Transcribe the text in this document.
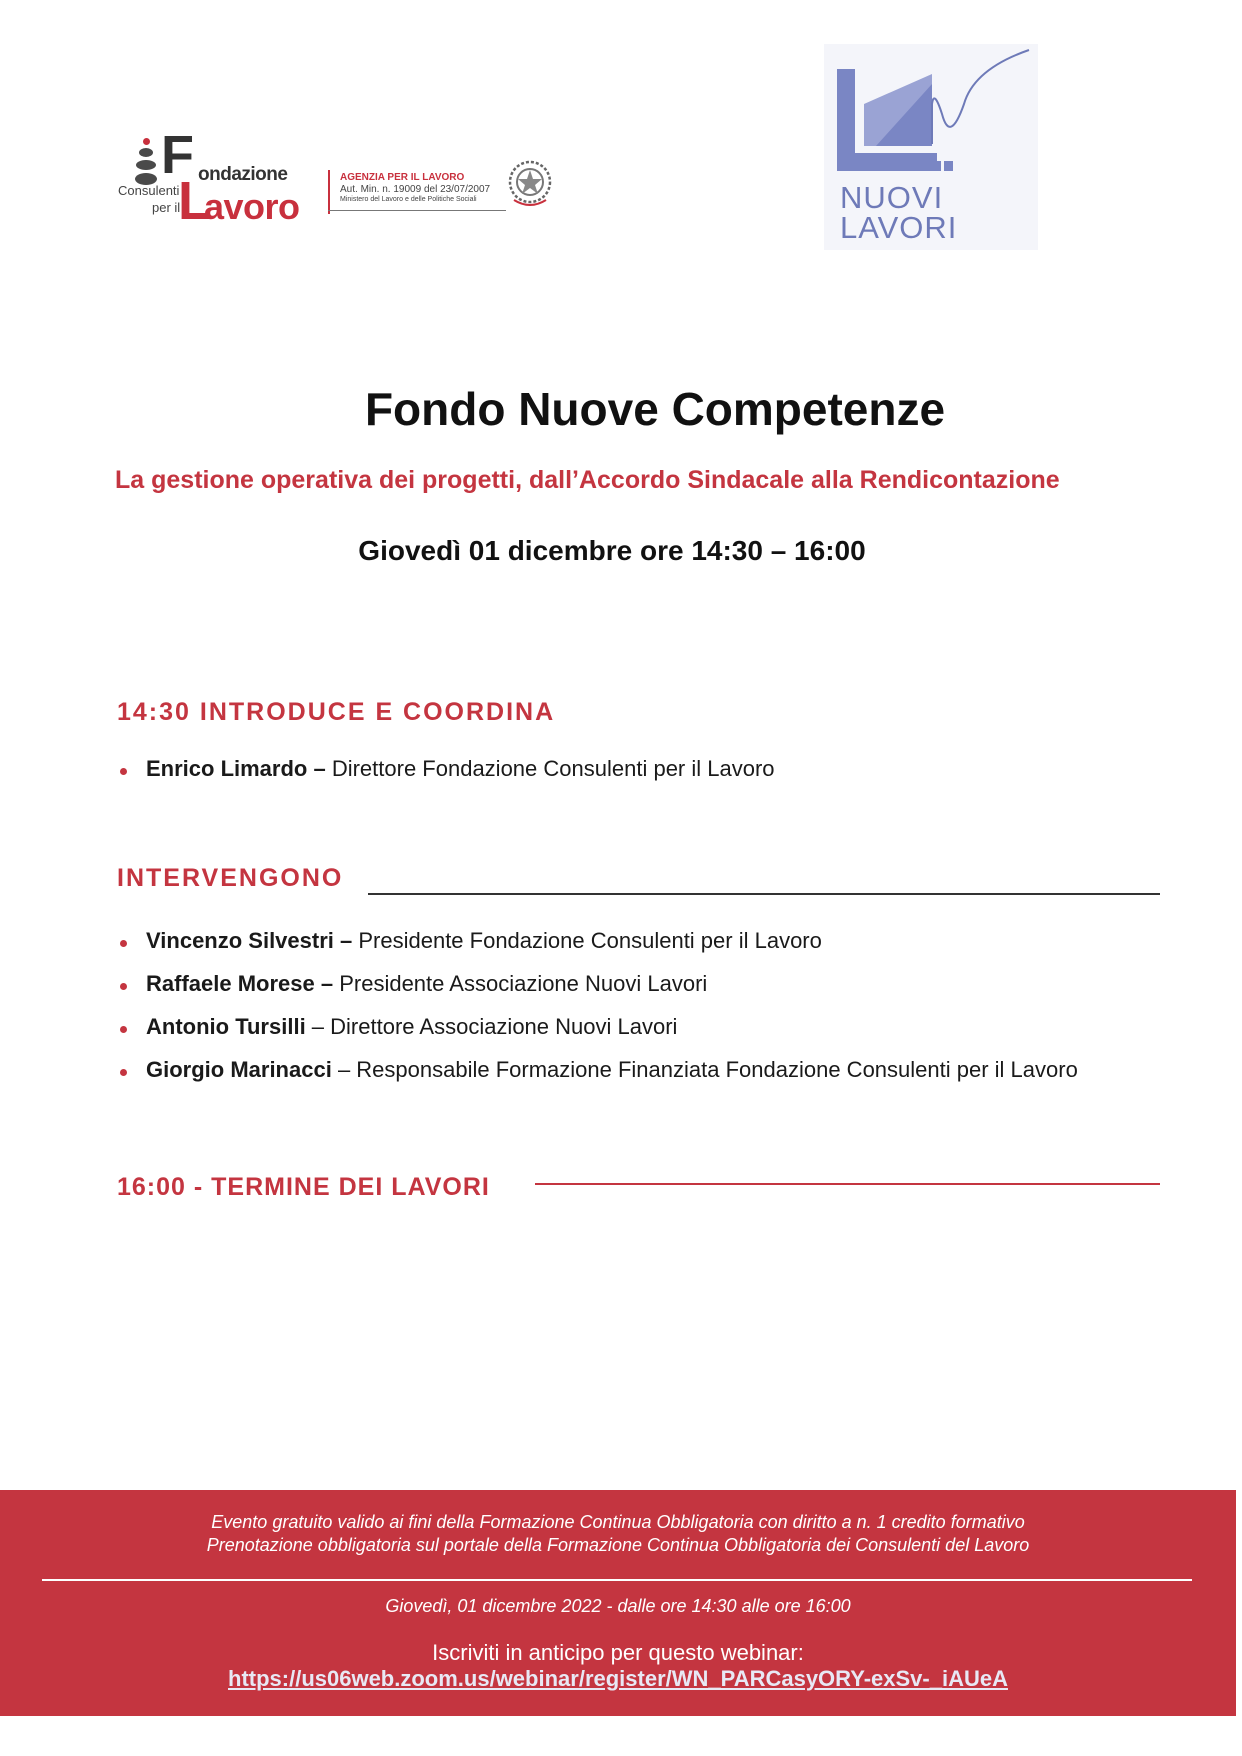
F ondazione
L
avoro
Consulenti
per il
AGENZIA PER IL LAVORO
Aut. Min. n. 19009 del 23/07/2007
Ministero del Lavoro e delle Politiche Sociali	NUOVI
LAVORI
Fondo Nuove Competenze
La gestione operativa dei progetti, dall’Accordo Sindacale alla Rendicontazione
Giovedì 01 dicembre ore 14:30 – 16:00
14:30 INTRODUCE E COORDINA
Enrico Limardo – Direttore Fondazione Consulenti per il Lavoro
INTERVENGONO
Vincenzo Silvestri – Presidente Fondazione Consulenti per il Lavoro
Raffaele Morese – Presidente Associazione Nuovi Lavori
Antonio Tursilli – Direttore Associazione Nuovi Lavori
Giorgio Marinacci – Responsabile Formazione Finanziata Fondazione Consulenti per il Lavoro
16:00 - TERMINE DEI LAVORI
Evento gratuito valido ai fini della Formazione Continua Obbligatoria con diritto a n. 1 credito formativo
Prenotazione obbligatoria sul portale della Formazione Continua Obbligatoria dei Consulenti del Lavoro
Giovedì, 01 dicembre 2022 - dalle ore 14:30 alle ore 16:00
Iscriviti in anticipo per questo webinar:
https://us06web.zoom.us/webinar/register/WN_PARCasyORY-exSv-_iAUeA
